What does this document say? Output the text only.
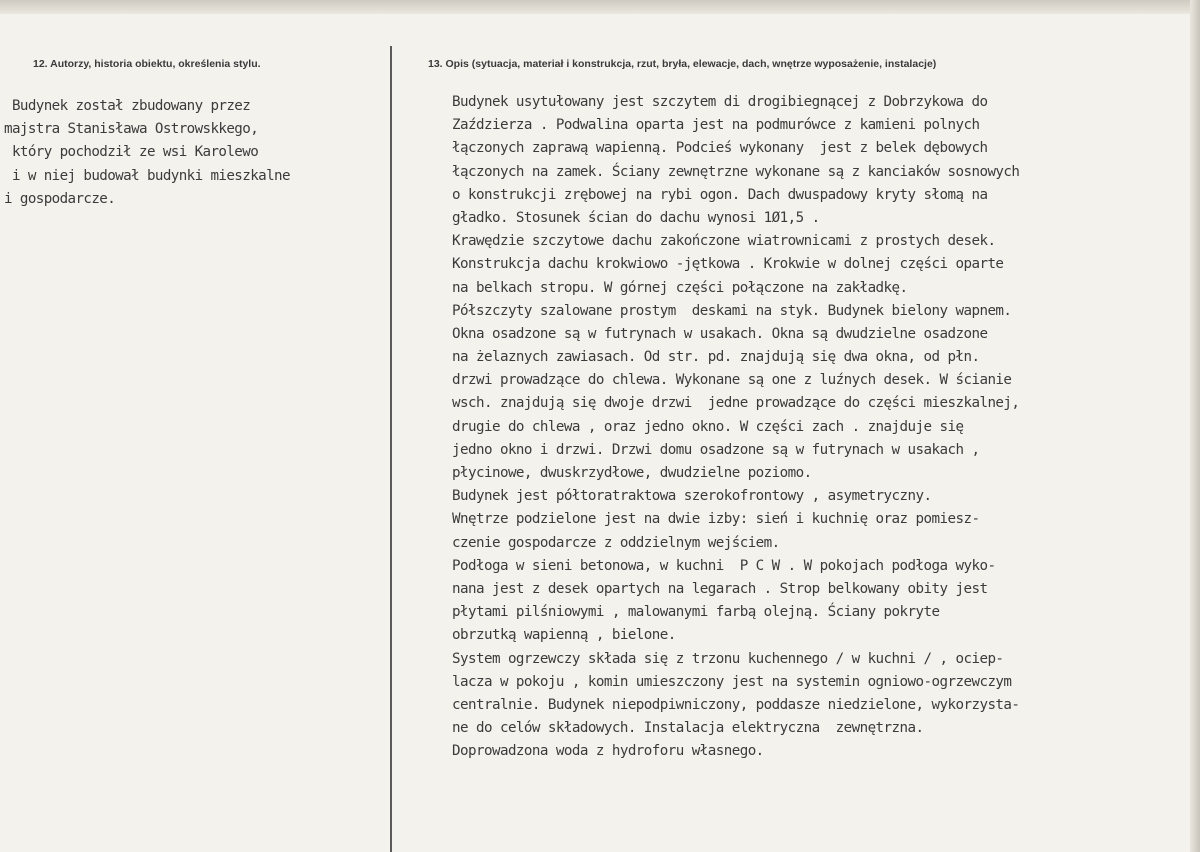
12. Autorzy, historia obiektu, określenia stylu.	13. Opis (sytuacja, materiał i konstrukcja, rzut, bryła, elewacje, dach, wnętrze wyposażenie, instalacje)
Budynek został zbudowany przez
majstra Stanisława Ostrowskkego,
który pochodził ze wsi Karolewo
i w niej budował budynki mieszkalne
i gospodarcze.
Budynek usytułowany jest szczytem di drogibiegnącej z Dobrzykowa do
Zaździerza . Podwalina oparta jest na podmurówce z kamieni polnych
łączonych zaprawą wapienną. Podcieś wykonany  jest z belek dębowych
łączonych na zamek. Ściany zewnętrzne wykonane są z kanciaków sosnowych
o konstrukcji zrębowej na rybi ogon. Dach dwuspadowy kryty słomą na
gładko. Stosunek ścian do dachu wynosi 1Ø1,5 .
Krawędzie szczytowe dachu zakończone wiatrownicami z prostych desek.
Konstrukcja dachu krokwiowo -jętkowa . Krokwie w dolnej części oparte
na belkach stropu. W górnej części połączone na zakładkę.
Półszczyty szalowane prostym  deskami na styk. Budynek bielony wapnem.
Okna osadzone są w futrynach w usakach. Okna są dwudzielne osadzone
na żelaznych zawiasach. Od str. pd. znajdują się dwa okna, od płn.
drzwi prowadzące do chlewa. Wykonane są one z luźnych desek. W ścianie
wsch. znajdują się dwoje drzwi  jedne prowadzące do części mieszkalnej,
drugie do chlewa , oraz jedno okno. W części zach . znajduje się
jedno okno i drzwi. Drzwi domu osadzone są w futrynach w usakach ,
płycinowe, dwuskrzydłowe, dwudzielne poziomo.
Budynek jest półtoratraktowa szerokofrontowy , asymetryczny.
Wnętrze podzielone jest na dwie izby: sień i kuchnię oraz pomiesz-
czenie gospodarcze z oddzielnym wejściem.
Podłoga w sieni betonowa, w kuchni  P C W . W pokojach podłoga wyko-
nana jest z desek opartych na legarach . Strop belkowany obity jest
płytami pilśniowymi , malowanymi farbą olejną. Ściany pokryte
obrzutką wapienną , bielone.
System ogrzewczy składa się z trzonu kuchennego / w kuchni / , ociep-
lacza w pokoju , komin umieszczony jest na systemin ogniowo-ogrzewczym
centralnie. Budynek niepodpiwniczony, poddasze niedzielone, wykorzysta-
ne do celów składowych. Instalacja elektryczna  zewnętrzna.
Doprowadzona woda z hydroforu własnego.
